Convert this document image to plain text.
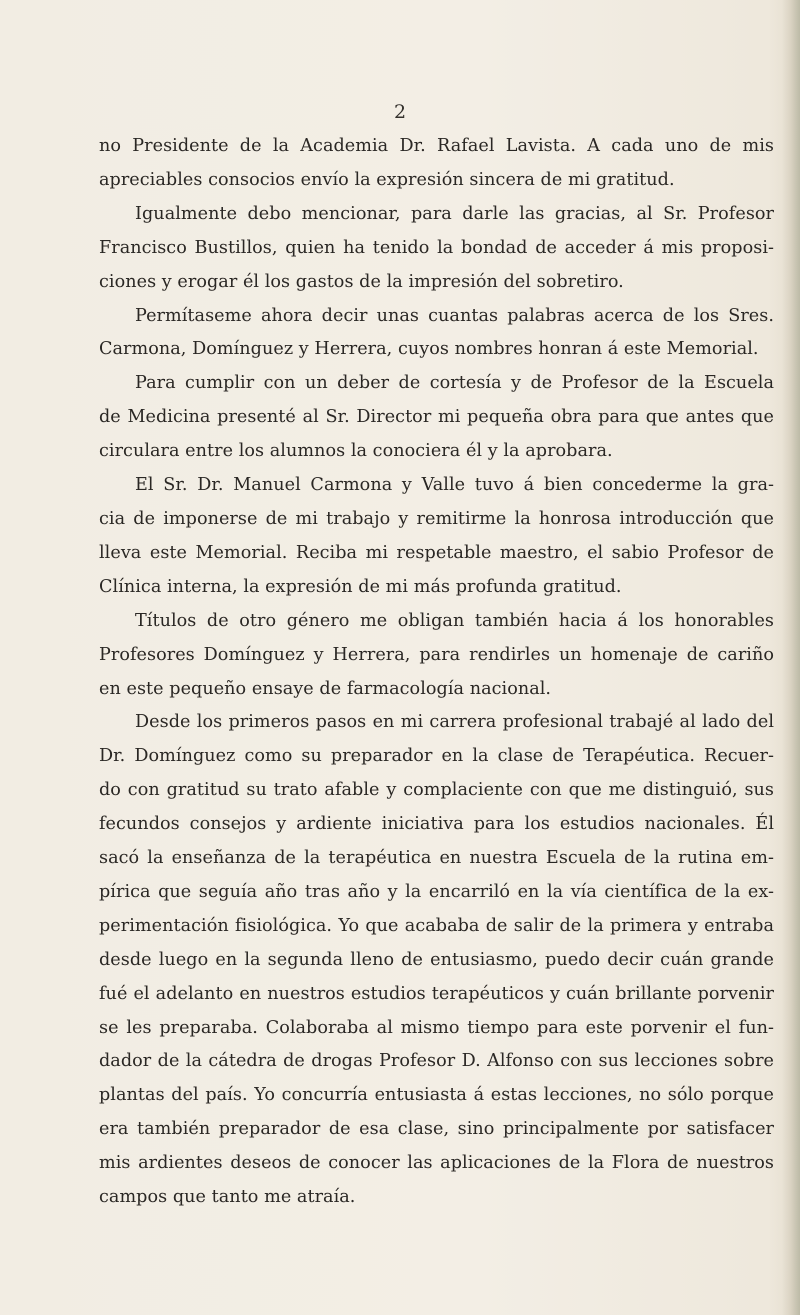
2
no Presidente de la Academia Dr. Rafael Lavista. A cada uno de mis
apreciables consocios envío la expresión sincera de mi gratitud.
Igualmente debo mencionar, para darle las gracias, al Sr. Profesor
Francisco Bustillos, quien ha tenido la bondad de acceder á mis proposi-
ciones y erogar él los gastos de la impresión del sobretiro.
Permítaseme ahora decir unas cuantas palabras acerca de los Sres.
Carmona, Domínguez y Herrera, cuyos nombres honran á este Memorial.
Para cumplir con un deber de cortesía y de Profesor de la Escuela
de Medicina presenté al Sr. Director mi pequeña obra para que antes que
circulara entre los alumnos la conociera él y la aprobara.
El Sr. Dr. Manuel Carmona y Valle tuvo á bien concederme la gra-
cia de imponerse de mi trabajo y remitirme la honrosa introducción que
lleva este Memorial. Reciba mi respetable maestro, el sabio Profesor de
Clínica interna, la expresión de mi más profunda gratitud.
Títulos de otro género me obligan también hacia á los honorables
Profesores Domínguez y Herrera, para rendirles un homenaje de cariño
en este pequeño ensaye de farmacología nacional.
Desde los primeros pasos en mi carrera profesional trabajé al lado del
Dr. Domínguez como su preparador en la clase de Terapéutica. Recuer-
do con gratitud su trato afable y complaciente con que me distinguió, sus
fecundos consejos y ardiente iniciativa para los estudios nacionales. Él
sacó la enseñanza de la terapéutica en nuestra Escuela de la rutina em-
pírica que seguía año tras año y la encarriló en la vía científica de la ex-
perimentación fisiológica. Yo que acababa de salir de la primera y entraba
desde luego en la segunda lleno de entusiasmo, puedo decir cuán grande
fué el adelanto en nuestros estudios terapéuticos y cuán brillante porvenir
se les preparaba. Colaboraba al mismo tiempo para este porvenir el fun-
dador de la cátedra de drogas Profesor D. Alfonso con sus lecciones sobre
plantas del país. Yo concurría entusiasta á estas lecciones, no sólo porque
era también preparador de esa clase, sino principalmente por satisfacer
mis ardientes deseos de conocer las aplicaciones de la Flora de nuestros
campos que tanto me atraía.
